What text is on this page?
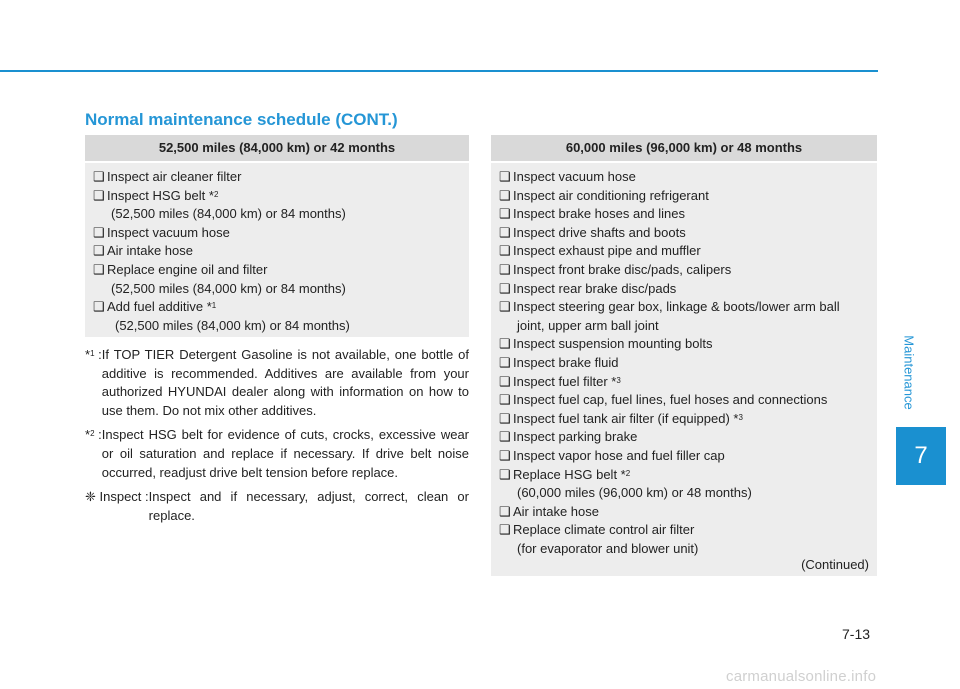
Normal maintenance schedule (CONT.)
52,500 miles (84,000 km) or 42 months
❑ Inspect air cleaner filter
❑ Inspect HSG belt *$^2$
(52,500 miles (84,000 km) or 84 months)
❑ Inspect vacuum hose
❑ Air intake hose
❑ Replace engine oil and filter
(52,500 miles (84,000 km) or 84 months)
❑ Add fuel additive *$^1$
(52,500 miles (84,000 km) or 84 months)
*$^1$ : If TOP TIER Detergent Gasoline is not available, one bottle of additive is recommended. Additives are available from your authorized HYUNDAI dealer along with information on how to use them. Do not mix other additives.
*$^2$ : Inspect HSG belt for evidence of cuts, crocks, excessive wear or oil saturation and replace if necessary. If drive belt noise occurred, readjust drive belt tension before replace.
❈ Inspect : Inspect and if necessary, adjust, correct, clean or replace.
60,000 miles (96,000 km) or 48 months
❑ Inspect vacuum hose
❑ Inspect air conditioning refrigerant
❑ Inspect brake hoses and lines
❑ Inspect drive shafts and boots
❑ Inspect exhaust pipe and muffler
❑ Inspect front brake disc/pads, calipers
❑ Inspect rear brake disc/pads
❑ Inspect steering gear box, linkage & boots/lower arm ball
joint, upper arm ball joint
❑ Inspect suspension mounting bolts
❑ Inspect brake fluid
❑ Inspect fuel filter *$^3$
❑ Inspect fuel cap, fuel lines, fuel hoses and connections
❑ Inspect fuel tank air filter (if equipped) *$^3$
❑ Inspect parking brake
❑ Inspect vapor hose and fuel filler cap
❑ Replace HSG belt *$^2$
(60,000 miles (96,000 km) or 48 months)
❑ Air intake hose
❑ Replace climate control air filter
(for evaporator and blower unit)
(Continued)
Maintenance
7
7-13
carmanualsonline.info
